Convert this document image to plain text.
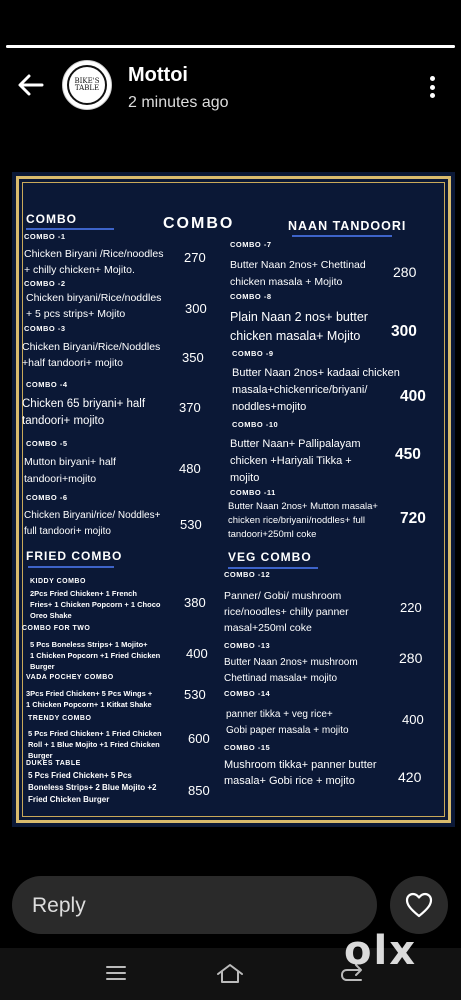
BIKE'S TABLE
Mottoi
2 minutes ago
COMBO	COMBO	NAAN TANDOORI
COMBO -1
Chicken Biryani /Rice/noodles
+ chilly chicken+ Mojito.
270
COMBO -2
Chicken biryani/Rice/noddles
+ 5 pcs strips+ Mojito	300
COMBO -3
Chicken Biryani/Rice/Noddles
+half tandoori+ mojito	350
COMBO -4
Chicken 65 briyani+ half
tandoori+ mojito
370
COMBO -5
Mutton biryani+ half
tandoori+mojito
480
COMBO -6
Chicken Biryani/rice/ Noddles+
full tandoori+ mojito	530
FRIED COMBO
KIDDY COMBO
2Pcs Fried Chicken+ 1 French
Fries+ 1 Chicken Popcorn + 1 Choco
Oreo Shake
380
COMBO FOR TWO
5 Pcs Boneless Strips+ 1 Mojito+
1 Chicken Popcorn +1 Fried Chicken
Burger
400
VADA POCHEY COMBO
3Pcs Fried Chicken+ 5 Pcs Wings +
1 Chicken Popcorn+ 1 Kitkat Shake
530
TRENDY COMBO
5 Pcs Fried Chicken+ 1 Fried Chicken
Roll + 1 Blue Mojito +1 Fried Chicken
Burger
600
DUKES TABLE
5 Pcs Fried Chicken+ 5 Pcs
Boneless Strips+ 2 Blue Mojito +2
Fried Chicken Burger
850
COMBO -7
Butter Naan 2nos+ Chettinad
chicken masala + Mojito
280
COMBO -8
Plain Naan 2 nos+ butter
chicken masala+ Mojito 300
COMBO -9
Butter Naan 2nos+ kadaai chicken
masala+chickenrice/briyani/
noddles+mojito
400
COMBO -10
Butter Naan+ Pallipalayam
chicken +Hariyali Tikka +
mojito
450
COMBO -11
Butter Naan 2nos+ Mutton masala+
chicken rice/briyani/noddles+ full
tandoori+250ml coke
720
VEG COMBO
COMBO -12
Panner/ Gobi/ mushroom
rice/noodles+ chilly panner
masal+250ml coke
220
COMBO -13
Butter Naan 2nos+ mushroom
Chettinad masala+ mojito
280
COMBO -14
panner tikka + veg rice+
Gobi paper masala + mojito
400
COMBO -15
Mushroom tikka+ panner butter
masala+ Gobi rice + mojito	420
Reply
olx
